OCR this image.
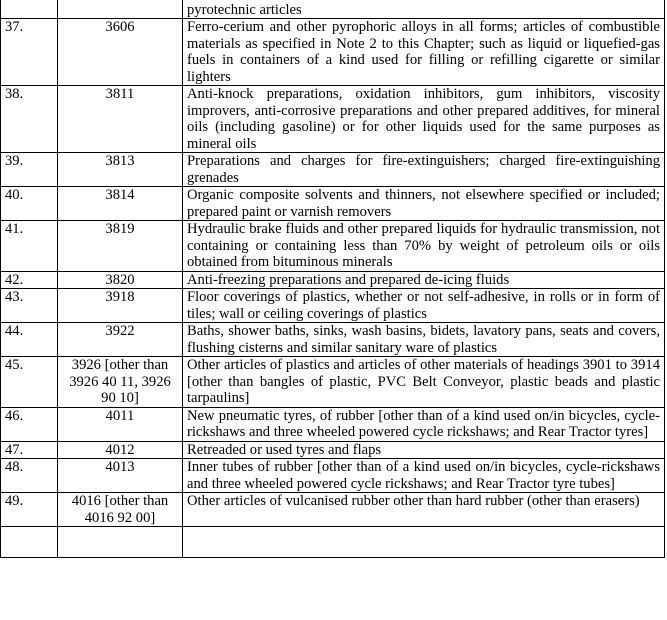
		pyrotechnic articles
37.	3606	Ferro-cerium and other pyrophoric alloys in all forms; articles of combustible materials as specified in Note 2 to this Chapter; such as liquid or liquefied-gas fuels in containers of a kind used for filling or refilling cigarette or similar lighters
38.	3811	Anti-knock preparations, oxidation inhibitors, gum inhibitors, viscosity improvers, anti-corrosive preparations and other prepared additives, for mineral oils (including gasoline) or for other liquids used for the same purposes as mineral oils
39.	3813	Preparations and charges for fire-extinguishers; charged fire-extinguishing grenades
40.	3814	Organic composite solvents and thinners, not elsewhere specified or included; prepared paint or varnish removers
41.	3819	Hydraulic brake fluids and other prepared liquids for hydraulic transmission, not containing or containing less than 70% by weight of petroleum oils or oils obtained from bituminous minerals
42.	3820	Anti-freezing preparations and prepared de-icing fluids
43.	3918	Floor coverings of plastics, whether or not self-adhesive, in rolls or in form of tiles; wall or ceiling coverings of plastics
44.	3922	Baths, shower baths, sinks, wash basins, bidets, lavatory pans, seats and covers, flushing cisterns and similar sanitary ware of plastics
45.	3926 [other than 3926 40 11, 3926 90 10]	Other articles of plastics and articles of other materials of headings 3901 to 3914 [other than bangles of plastic, PVC Belt Conveyor, plastic beads and plastic tarpaulins]
46.	4011	New pneumatic tyres, of rubber [other than of a kind used on/in bicycles, cycle-rickshaws and three wheeled powered cycle rickshaws; and Rear Tractor tyres]
47.	4012	Retreaded or used tyres and flaps
48.	4013	Inner tubes of rubber [other than of a kind used on/in bicycles, cycle-rickshaws and three wheeled powered cycle rickshaws; and Rear Tractor tyre tubes]
49.	4016 [other than 4016 92 00]	Other articles of vulcanised rubber other than hard rubber (other than erasers)
